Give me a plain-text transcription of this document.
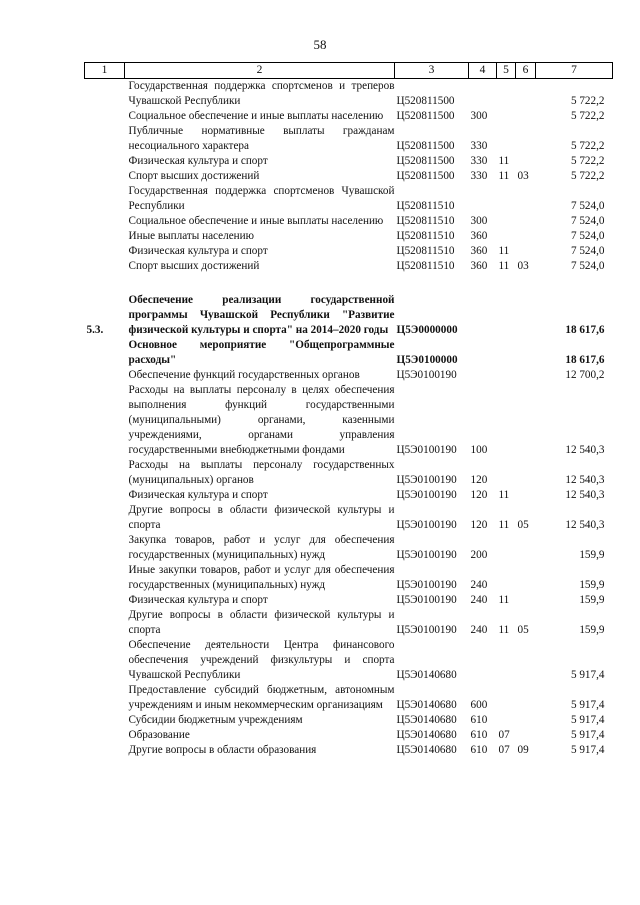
58
1	2	3	4	5	6	7
	Государственная поддержка спортсменов и треперов Чувашской Республики	Ц520811500				5 722,2
	Социальное обеспечение и иные выплаты населению	Ц520811500	300			5 722,2
	Публичные нормативные выплаты гражданам несоциального характера	Ц520811500	330			5 722,2
	Физическая культура и спорт	Ц520811500	330	11		5 722,2
	Спорт высших достижений	Ц520811500	330	11	03	5 722,2
	Государственная поддержка спортсменов Чувашской Республики	Ц520811510				7 524,0
	Социальное обеспечение и иные выплаты населению	Ц520811510	300			7 524,0
	Иные выплаты населению	Ц520811510	360			7 524,0
	Физическая культура и спорт	Ц520811510	360	11		7 524,0
	Спорт высших достижений	Ц520811510	360	11	03	7 524,0

5.3.	Обеспечение реализации государственной программы Чувашской Республики "Развитие физической культуры и спорта" на 2014–2020 годы	Ц5Э0000000				18 617,6
	Основное мероприятие "Общепрограммные расходы"	Ц5Э0100000				18 617,6
	Обеспечение функций государственных органов	Ц5Э0100190				12 700,2
	Расходы на выплаты персоналу в целях обеспечения выполнения функций государственными (муниципальными) органами, казенными учреждениями, органами управления государственными внебюджетными фондами	Ц5Э0100190	100			12 540,3
	Расходы на выплаты персоналу государственных (муниципальных) органов	Ц5Э0100190	120			12 540,3
	Физическая культура и спорт	Ц5Э0100190	120	11		12 540,3
	Другие вопросы в области физической культуры и спорта	Ц5Э0100190	120	11	05	12 540,3
	Закупка товаров, работ и услуг для обеспечения государственных (муниципальных) нужд	Ц5Э0100190	200			159,9
	Иные закупки товаров, работ и услуг для обеспечения государственных (муниципальных) нужд	Ц5Э0100190	240			159,9
	Физическая культура и спорт	Ц5Э0100190	240	11		159,9
	Другие вопросы в области физической культуры и спорта	Ц5Э0100190	240	11	05	159,9
	Обеспечение деятельности Центра финансового обеспечения учреждений физкультуры и спорта Чувашской Республики	Ц5Э0140680				5 917,4
	Предоставление субсидий бюджетным, автономным учреждениям и иным некоммерческим организациям	Ц5Э0140680	600			5 917,4
	Субсидии бюджетным учреждениям	Ц5Э0140680	610			5 917,4
	Образование	Ц5Э0140680	610	07		5 917,4
	Другие вопросы в области образования	Ц5Э0140680	610	07	09	5 917,4
